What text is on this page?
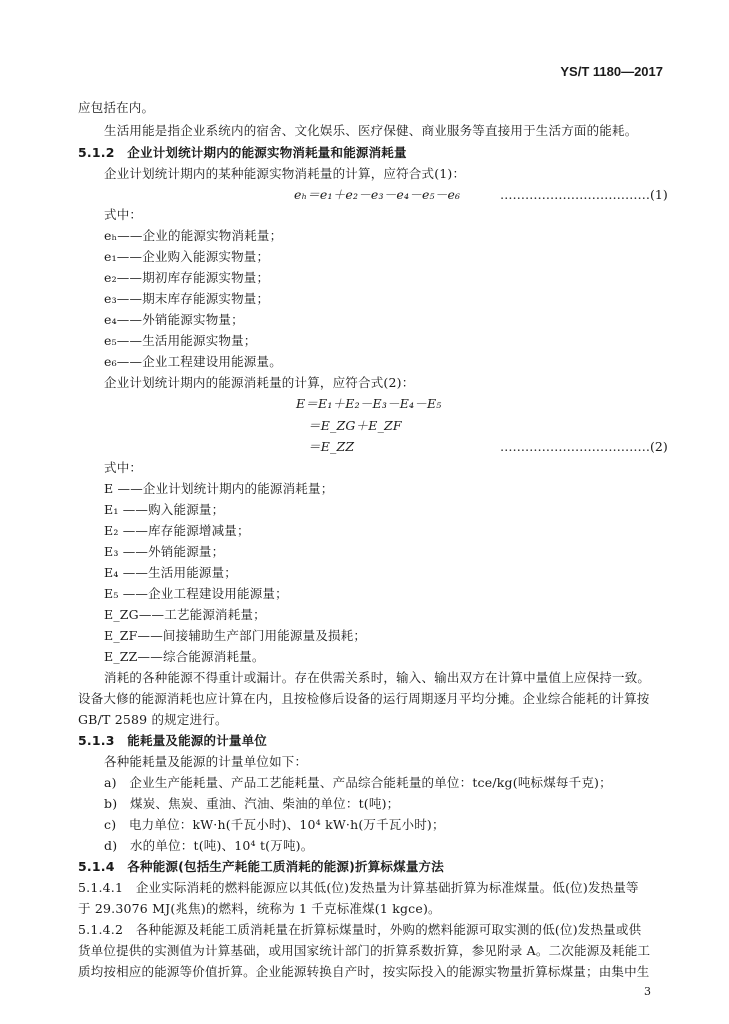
YS/T 1180—2017
应包括在内。
生活用能是指企业系统内的宿舍、文化娱乐、医疗保健、商业服务等直接用于生活方面的能耗。
5.1.2　企业计划统计期内的能源实物消耗量和能源消耗量
企业计划统计期内的某种能源实物消耗量的计算，应符合式(1)：
eₕ＝e₁＋e₂－e₃－e₄－e₅－e₆	………………………………(1)
式中：
eₕ——企业的能源实物消耗量；
e₁——企业购入能源实物量；
e₂——期初库存能源实物量；
e₃——期末库存能源实物量；
e₄——外销能源实物量；
e₅——生活用能源实物量；
e₆——企业工程建设用能源量。
企业计划统计期内的能源消耗量的计算，应符合式(2)：
E＝E₁＋E₂－E₃－E₄－E₅
＝E_ZG＋E_ZF
＝E_ZZ	………………………………(2)
式中：
E ——企业计划统计期内的能源消耗量；
E₁ ——购入能源量；
E₂ ——库存能源增减量；
E₃ ——外销能源量；
E₄ ——生活用能源量；
E₅ ——企业工程建设用能源量；
E_ZG——工艺能源消耗量；
E_ZF——间接辅助生产部门用能源量及损耗；
E_ZZ——综合能源消耗量。
消耗的各种能源不得重计或漏计。存在供需关系时，输入、输出双方在计算中量值上应保持一致。
设备大修的能源消耗也应计算在内，且按检修后设备的运行周期逐月平均分摊。企业综合能耗的计算按
GB/T 2589 的规定进行。
5.1.3　能耗量及能源的计量单位
各种能耗量及能源的计量单位如下：
a)　企业生产能耗量、产品工艺能耗量、产品综合能耗量的单位：tce/kg(吨标煤每千克)；
b)　煤炭、焦炭、重油、汽油、柴油的单位：t(吨)；
c)　电力单位：kW·h(千瓦小时)、10⁴ kW·h(万千瓦小时)；
d)　水的单位：t(吨)、10⁴ t(万吨)。
5.1.4　各种能源(包括生产耗能工质消耗的能源)折算标煤量方法
5.1.4.1　企业实际消耗的燃料能源应以其低(位)发热量为计算基础折算为标准煤量。低(位)发热量等
于 29.3076 MJ(兆焦)的燃料，统称为 1 千克标准煤(1 kgce)。
5.1.4.2　各种能源及耗能工质消耗量在折算标煤量时，外购的燃料能源可取实测的低(位)发热量或供
货单位提供的实测值为计算基础，或用国家统计部门的折算系数折算，参见附录 A。二次能源及耗能工
质均按相应的能源等价值折算。企业能源转换自产时，按实际投入的能源实物量折算标煤量；由集中生
3
